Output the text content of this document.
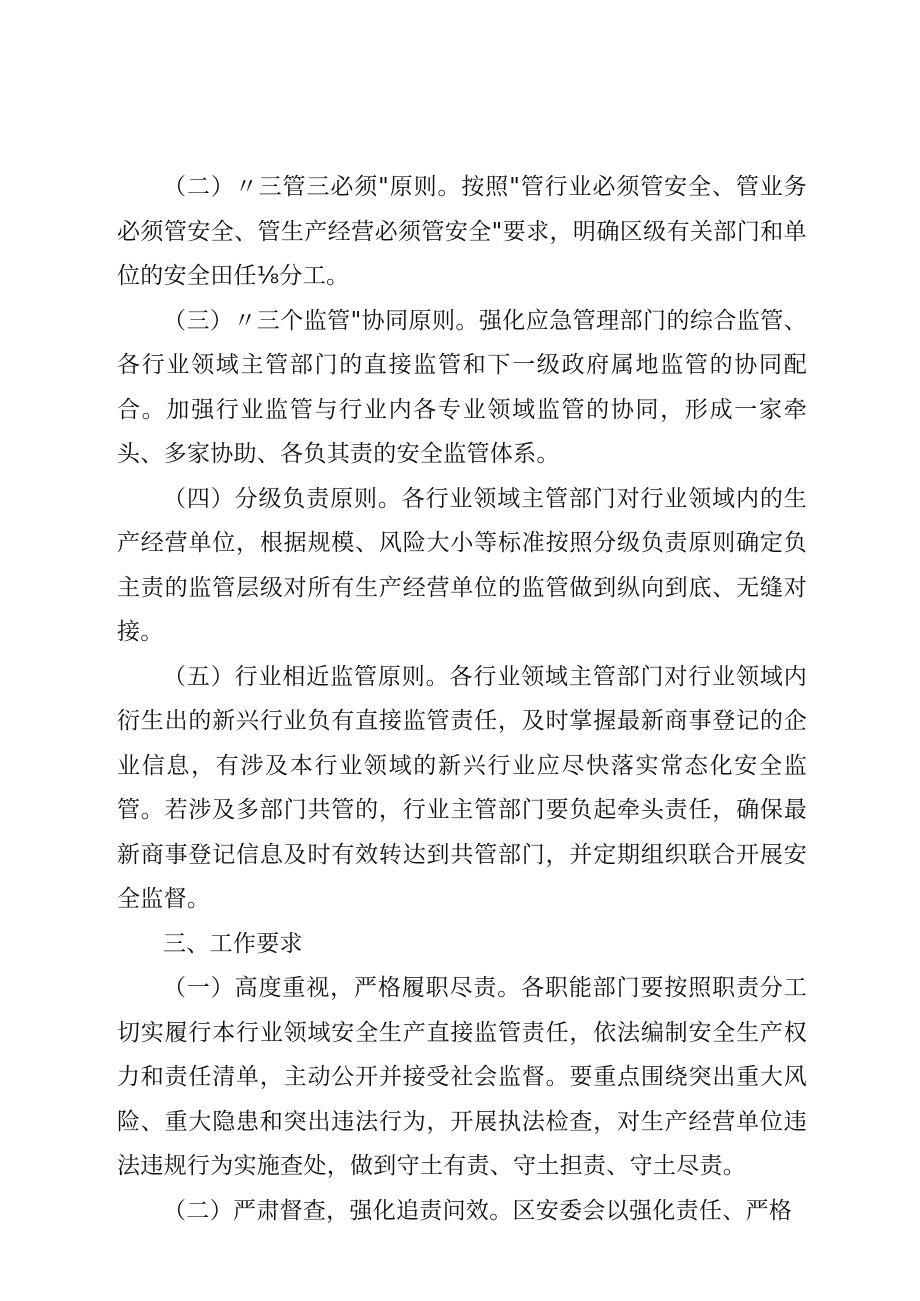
（二）〃三管三必须"原则。按照"管行业必须管安全、管业务必须管安全、管生产经营必须管安全"要求，明确区级有关部门和单位的安全田任⅛分工。

（三）〃三个监管"协同原则。强化应急管理部门的综合监管、各行业领域主管部门的直接监管和下一级政府属地监管的协同配合。加强行业监管与行业内各专业领域监管的协同，形成一家牵头、多家协助、各负其责的安全监管体系。

（四）分级负责原则。各行业领域主管部门对行业领域内的生产经营单位，根据规模、风险大小等标准按照分级负责原则确定负主责的监管层级对所有生产经营单位的监管做到纵向到底、无缝对接。

（五）行业相近监管原则。各行业领域主管部门对行业领域内衍生出的新兴行业负有直接监管责任，及时掌握最新商事登记的企业信息，有涉及本行业领域的新兴行业应尽快落实常态化安全监管。若涉及多部门共管的，行业主管部门要负起牵头责任，确保最新商事登记信息及时有效转达到共管部门，并定期组织联合开展安全监督。

三、工作要求

（一）高度重视，严格履职尽责。各职能部门要按照职责分工切实履行本行业领域安全生产直接监管责任，依法编制安全生产权力和责任清单，主动公开并接受社会监督。要重点围绕突出重大风险、重大隐患和突出违法行为，开展执法检查，对生产经营单位违法违规行为实施查处，做到守土有责、守土担责、守土尽责。

（二）严肃督查，强化追责问效。区安委会以强化责任、严格
